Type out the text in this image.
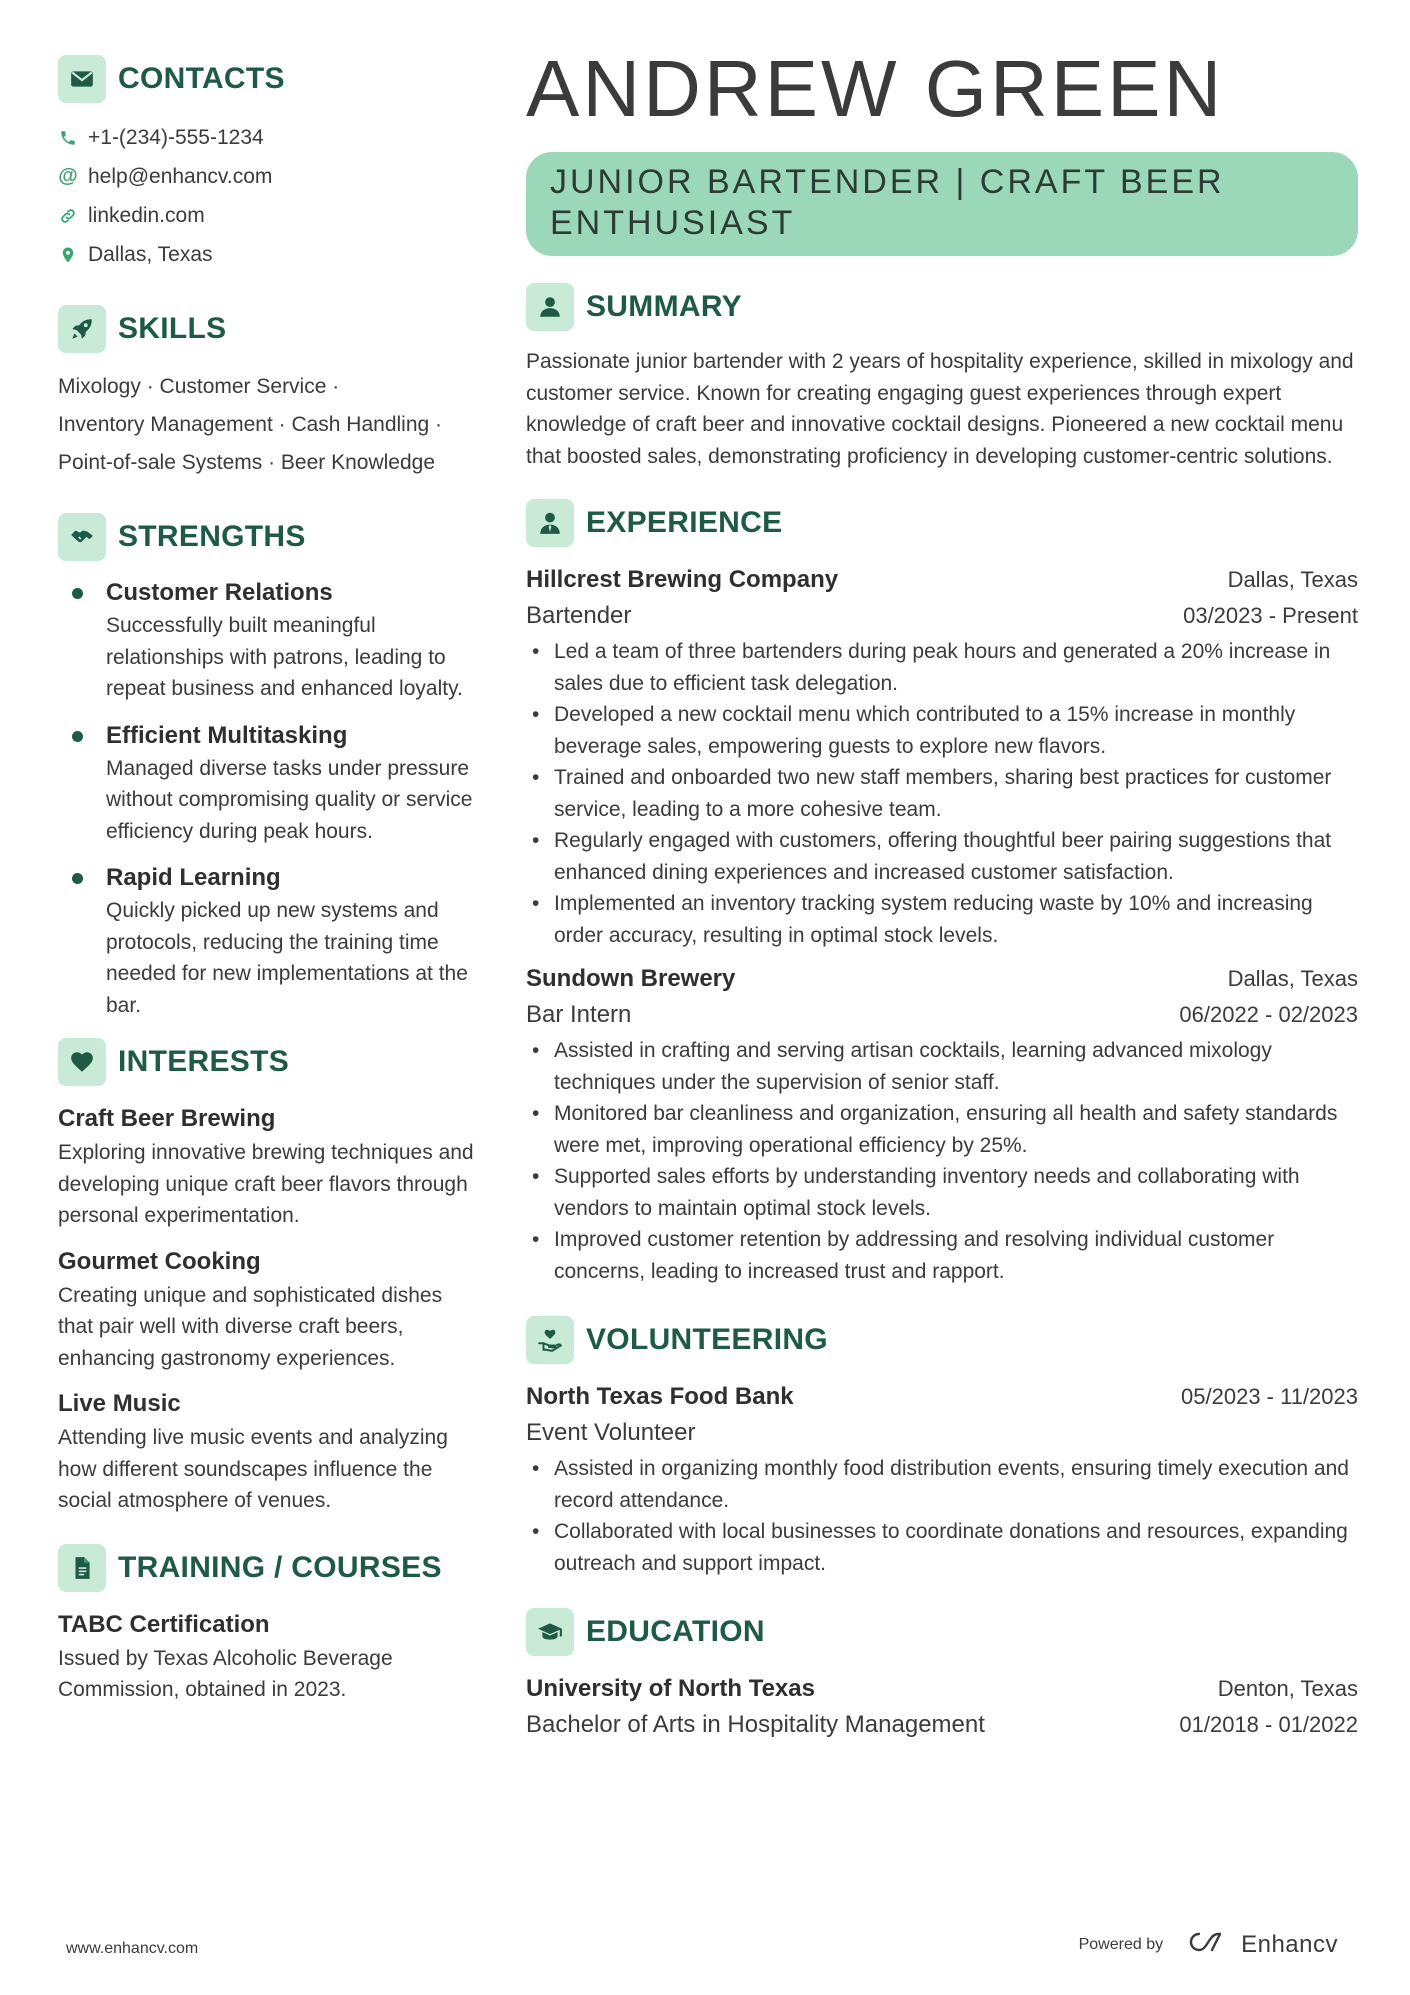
CONTACTS
+1-(234)-555-1234
@ help@enhancv.com
linkedin.com
Dallas, Texas
SKILLS
Mixology · Customer Service ·
Inventory Management · Cash Handling ·
Point-of-sale Systems · Beer Knowledge
STRENGTHS
Customer Relations
Successfully built meaningful relationships with patrons, leading to repeat business and enhanced loyalty.
Efficient Multitasking
Managed diverse tasks under pressure without compromising quality or service efficiency during peak hours.
Rapid Learning
Quickly picked up new systems and protocols, reducing the training time needed for new implementations at the bar.
INTERESTS
Craft Beer Brewing
Exploring innovative brewing techniques and developing unique craft beer flavors through personal experimentation.
Gourmet Cooking
Creating unique and sophisticated dishes that pair well with diverse craft beers, enhancing gastronomy experiences.
Live Music
Attending live music events and analyzing how different soundscapes influence the social atmosphere of venues.
TRAINING / COURSES
TABC Certification
Issued by Texas Alcoholic Beverage Commission, obtained in 2023.
ANDREW GREEN
JUNIOR BARTENDER | CRAFT BEER ENTHUSIAST
SUMMARY
Passionate junior bartender with 2 years of hospitality experience, skilled in mixology and customer service. Known for creating engaging guest experiences through expert knowledge of craft beer and innovative cocktail designs. Pioneered a new cocktail menu that boosted sales, demonstrating proficiency in developing customer-centric solutions.
EXPERIENCE
Hillcrest Brewing Company	Dallas, Texas
Bartender	03/2023 - Present
• Led a team of three bartenders during peak hours and generated a 20% increase in sales due to efficient task delegation.
• Developed a new cocktail menu which contributed to a 15% increase in monthly beverage sales, empowering guests to explore new flavors.
• Trained and onboarded two new staff members, sharing best practices for customer service, leading to a more cohesive team.
• Regularly engaged with customers, offering thoughtful beer pairing suggestions that enhanced dining experiences and increased customer satisfaction.
• Implemented an inventory tracking system reducing waste by 10% and increasing order accuracy, resulting in optimal stock levels.
Sundown Brewery	Dallas, Texas
Bar Intern	06/2022 - 02/2023
• Assisted in crafting and serving artisan cocktails, learning advanced mixology techniques under the supervision of senior staff.
• Monitored bar cleanliness and organization, ensuring all health and safety standards were met, improving operational efficiency by 25%.
• Supported sales efforts by understanding inventory needs and collaborating with vendors to maintain optimal stock levels.
• Improved customer retention by addressing and resolving individual customer concerns, leading to increased trust and rapport.
VOLUNTEERING
North Texas Food Bank	05/2023 - 11/2023
Event Volunteer
• Assisted in organizing monthly food distribution events, ensuring timely execution and record attendance.
• Collaborated with local businesses to coordinate donations and resources, expanding outreach and support impact.
EDUCATION
University of North Texas	Denton, Texas
Bachelor of Arts in Hospitality Management	01/2018 - 01/2022
www.enhancv.com	Powered by	Enhancv
